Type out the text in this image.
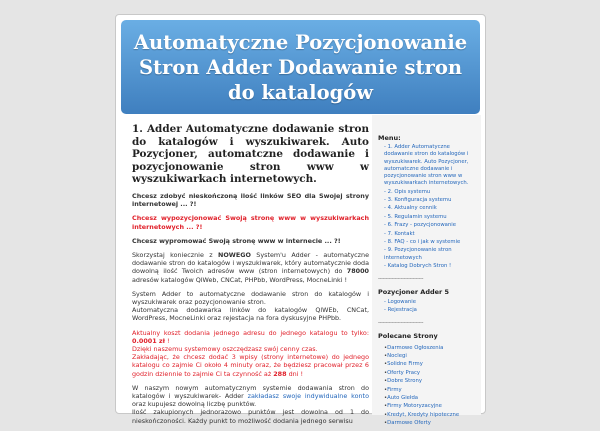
Automatyczne Pozycjonowanie Stron Adder Dodawanie stron do katalogów
1. Adder Automatyczne dodawanie stron do katalogów i wyszukiwarek. Auto Pozycjoner, automatczne dodawanie i pozycjonowanie stron www w wyszukiwarkach internetowych.

Chcesz zdobyć nieskończoną ilość linków SEO dla Swojej strony internetowej ... ?!

Chcesz wypozycjonować Swoją stronę www w wyszukiwarkach internetowych ... ?!

Chcesz wypromować Swoją stronę www w internecie ... ?!

Skorzystaj koniecznie z NOWEGO System'u Adder - automatyczne dodawanie stron do katalogów i wyszukiwarek, który automatycznie doda dowolną ilość Twoich adresów www (stron internetowych) do 78000 adresów katalogów QlWeb, CNCat, PHPbb, WordPress, MocneLinki !

System Adder to automatyczne dodawanie stron do katalogów i wyszukiwarek oraz pozycjonowanie stron.
Automatyczna dodawarka linków do katalogów QlWEb, CNCat, WordPress, MocneLinki oraz rejestacja na fora dyskusyjne PHPbb.

Aktualny koszt dodania jednego adresu do jednego katalogu to tylko: 0.0001 zł !
Dzięki naszemu systemowy oszczędzasz swój cenny czas.
Zakładając, że chcesz dodać 3 wpisy (strony internetowe) do jednego katalogu co zajmie Ci około 4 minuty oraz, że będziesz pracował przez 6 godzin dziennie to zajmie Ci ta czynność aż 288 dni !

W naszym nowym automatycznym systemie dodawania stron do katalogów i wyszukiwarek- Adder zakładasz swoje indywidualne konto oraz kupujesz dowolną liczbę punktów.
Ilość zakupionych jednorazowo punktów jest dowolna od 1 do nieskończoności. Każdy punkt to możliwość dodania jednego serwisu

Menu:
- 1. Adder Automatyczne dodawanie stron do katalogów i wyszukiwarek. Auto Pozycjoner, automatczne dodawanie i pozycjonowanie stron www w wyszukiwarkach internetowych.
- 2. Opis systemu
- 3. Konfiguracja systemu
- 4. Aktualny cennik
- 5. Regulamin systemu
- 6. Frazy - pozycjonowanie
- 7. Kontakt
- 8. FAQ - co i jak w systemie
- 9. Pozycjonowanie stron internetowych
- Katalog Dobrych Stron !
------------------------------
Pozycjoner Adder 5
- Logowanie
- Rejestracja
------------------------------
Polecane Strony
• Darmowe Ogłoszenia
• Noclegi
• Solidne Firmy
• Oferty Pracy
• Dobre Strony
• Firmy
• Auto Giełda
• Firmy Motoryzacyjne
• Kredyt, Kredyty hipoteczne
• Darmowe Oferty
